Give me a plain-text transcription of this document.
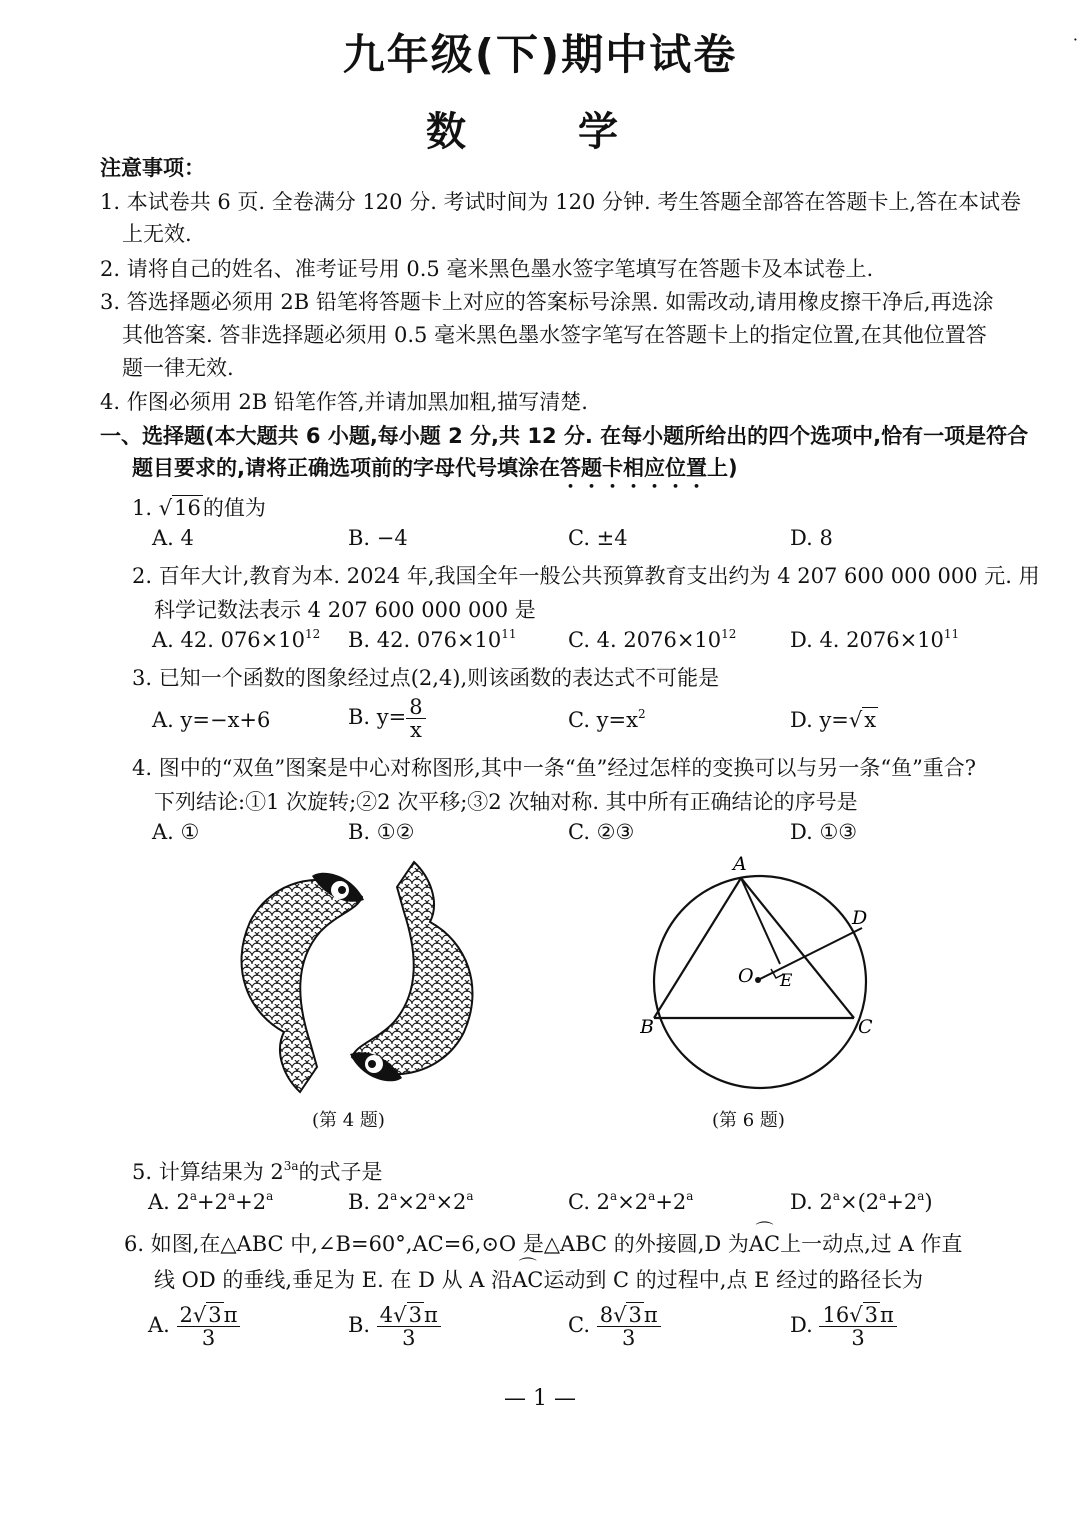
九年级(下)期中试卷
数　学
·
注意事项：
1. 本试卷共 6 页. 全卷满分 120 分. 考试时间为 120 分钟. 考生答题全部答在答题卡上,答在本试卷
上无效.
2. 请将自己的姓名、准考证号用 0.5 毫米黑色墨水签字笔填写在答题卡及本试卷上.
3. 答选择题必须用 2B 铅笔将答题卡上对应的答案标号涂黑. 如需改动,请用橡皮擦干净后,再选涂
其他答案. 答非选择题必须用 0.5 毫米黑色墨水签字笔写在答题卡上的指定位置,在其他位置答
题一律无效.
4. 作图必须用 2B 铅笔作答,并请加黑加粗,描写清楚.
一、选择题(本大题共 6 小题,每小题 2 分,共 12 分. 在每小题所给出的四个选项中,恰有一项是符合
题目要求的,请将正确选项前的字母代号填涂在答题卡相应位置上)
1. √16的值为
A. 4	B. −4	C. ±4	D. 8
2. 百年大计,教育为本. 2024 年,我国全年一般公共预算教育支出约为 4 207 600 000 000 元. 用
科学记数法表示 4 207 600 000 000 是
A. 42. $076\times 10^{12}$ B. 42. $076\times 10^{11}$ C. 4. $2076\times 10^{12}$	D. 4. $2076\times 10^{11}$
3. 已知一个函数的图象经过点(2,4),则该函数的表达式不可能是
A. y=−x+6	B. $y= \frac{8}{x}$	C. $y=x^2$	D. y=√x
4. 图中的“双鱼”图案是中心对称图形,其中一条“鱼”经过怎样的变换可以与另一条“鱼”重合?
下列结论:①1 次旋转;②2 次平移;③2 次轴对称. 其中所有正确结论的序号是
A. ①	B. ①②	C. ②③	D. ①③
(第 4 题)
A
B	C
D
O E
(第 6 题)
5. 计算结果为 $2^{3a}$的式子是
A. $2^a+2^a+2^a$	B. $2^a\times 2^a\times 2^a$	C. $2^a\times 2^a+2^a$	D. $2^a\times(2^a+2^a)$
6. 如图,在△ABC 中,∠B=60°,AC=6,⊙O 是△ABC 的外接圆,D 为⌒ AC上一动点,过 A 作直
线 OD 的垂线,垂足为 E. 在 D 从 A 沿⌒ AC运动到 C 的过程中,点 E 经过的路径长为
A. $\frac{2√3\pi}{3}$	B. $\frac{4√3\pi}{3}$	C. $\frac{8√3\pi}{3}$	D. $\frac{16√3\pi}{3}$
— 1 —
